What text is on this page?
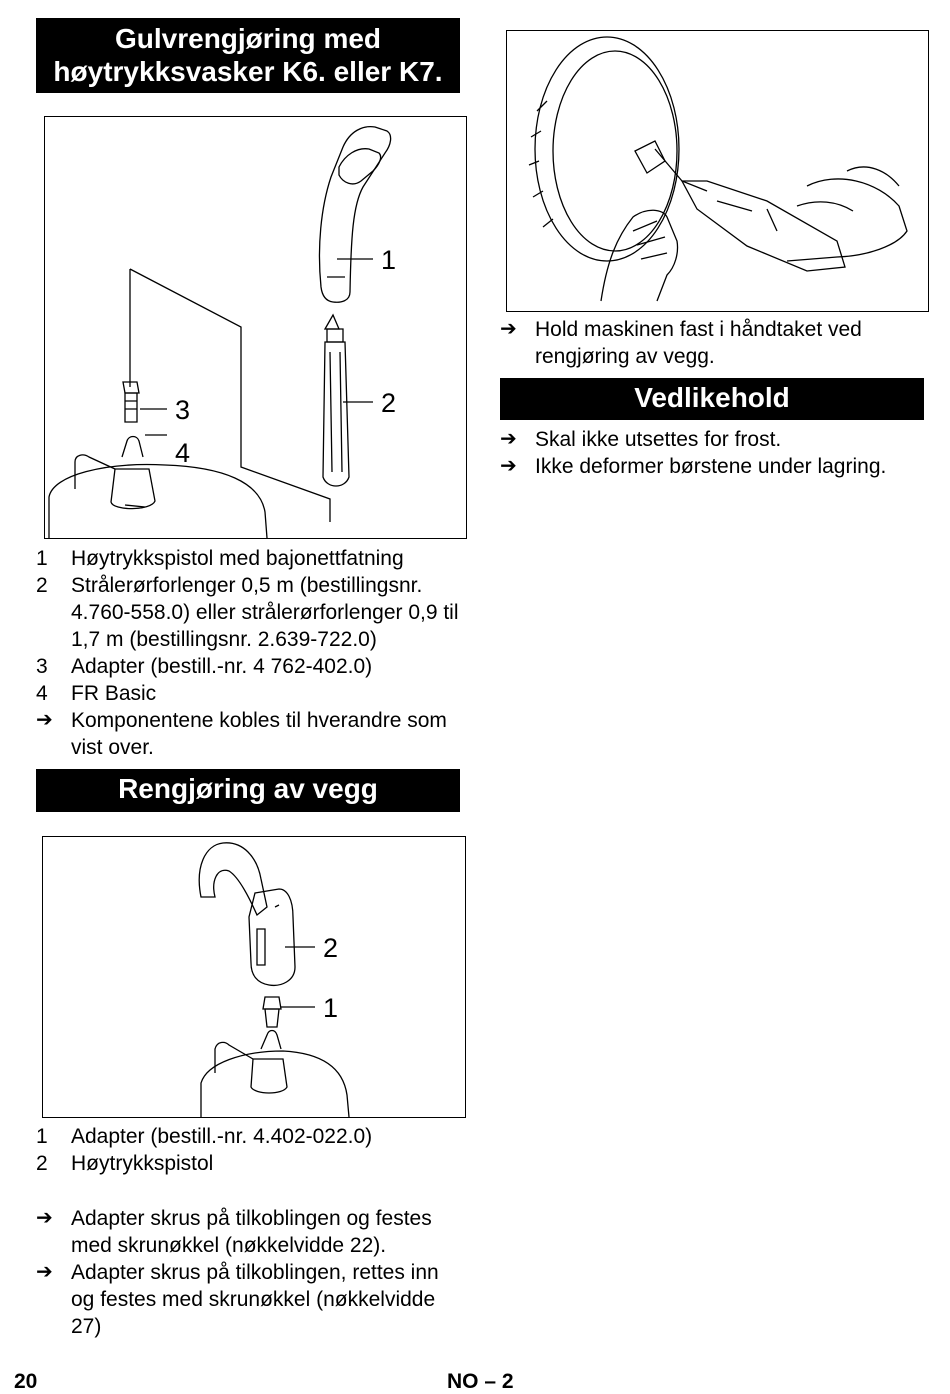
Gulvrengjøring med høytrykksvasker K6. eller K7.
Rengjøring av vegg
Vedlikehold
1
2
3
4
2
1
1 Høytrykkspistol med bajonettfatning
2 Strålerørforlenger 0,5 m (bestillingsnr. 4.760-558.0) eller strålerørforlenger 0,9 til 1,7 m (bestillingsnr. 2.639-722.0)
3 Adapter (bestill.-nr. 4 762-402.0)
4 FR Basic
➔ Komponentene kobles til hverandre som vist over.
1 Adapter (bestill.-nr. 4.402-022.0)
2 Høytrykkspistol
➔ Adapter skrus på tilkoblingen og festes med skrunøkkel (nøkkelvidde 22).
➔ Adapter skrus på tilkoblingen, rettes inn og festes med skrunøkkel (nøkkelvidde 27)
➔ Hold maskinen fast i håndtaket ved rengjøring av vegg.
➔ Skal ikke utsettes for frost.
➔ Ikke deformer børstene under lagring.
20	NO – 2
